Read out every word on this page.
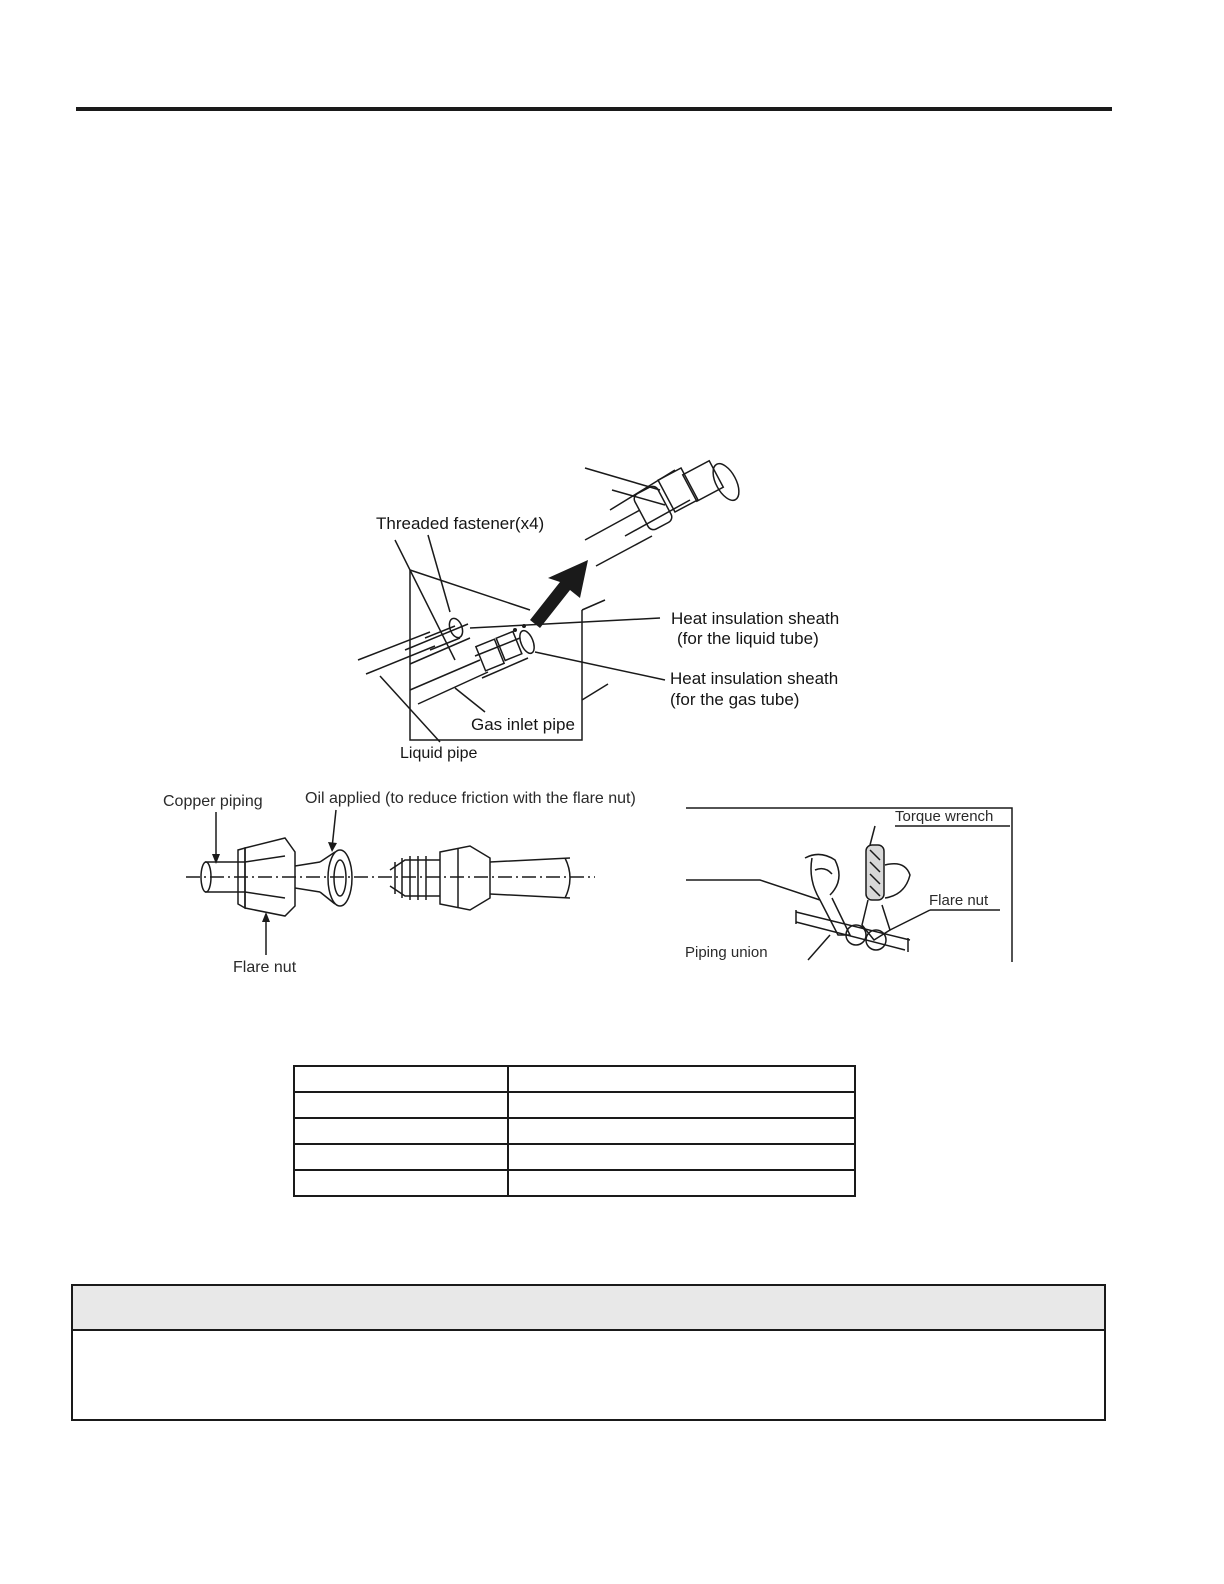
Threaded fastener(x4)
Heat insulation sheath
(for the liquid tube)
Heat insulation sheath
(for the gas tube)
Gas inlet pipe
Liquid pipe
Copper piping	Oil applied (to reduce friction with the flare nut)
Flare nut
Torque wrench
Flare nut
Piping union
